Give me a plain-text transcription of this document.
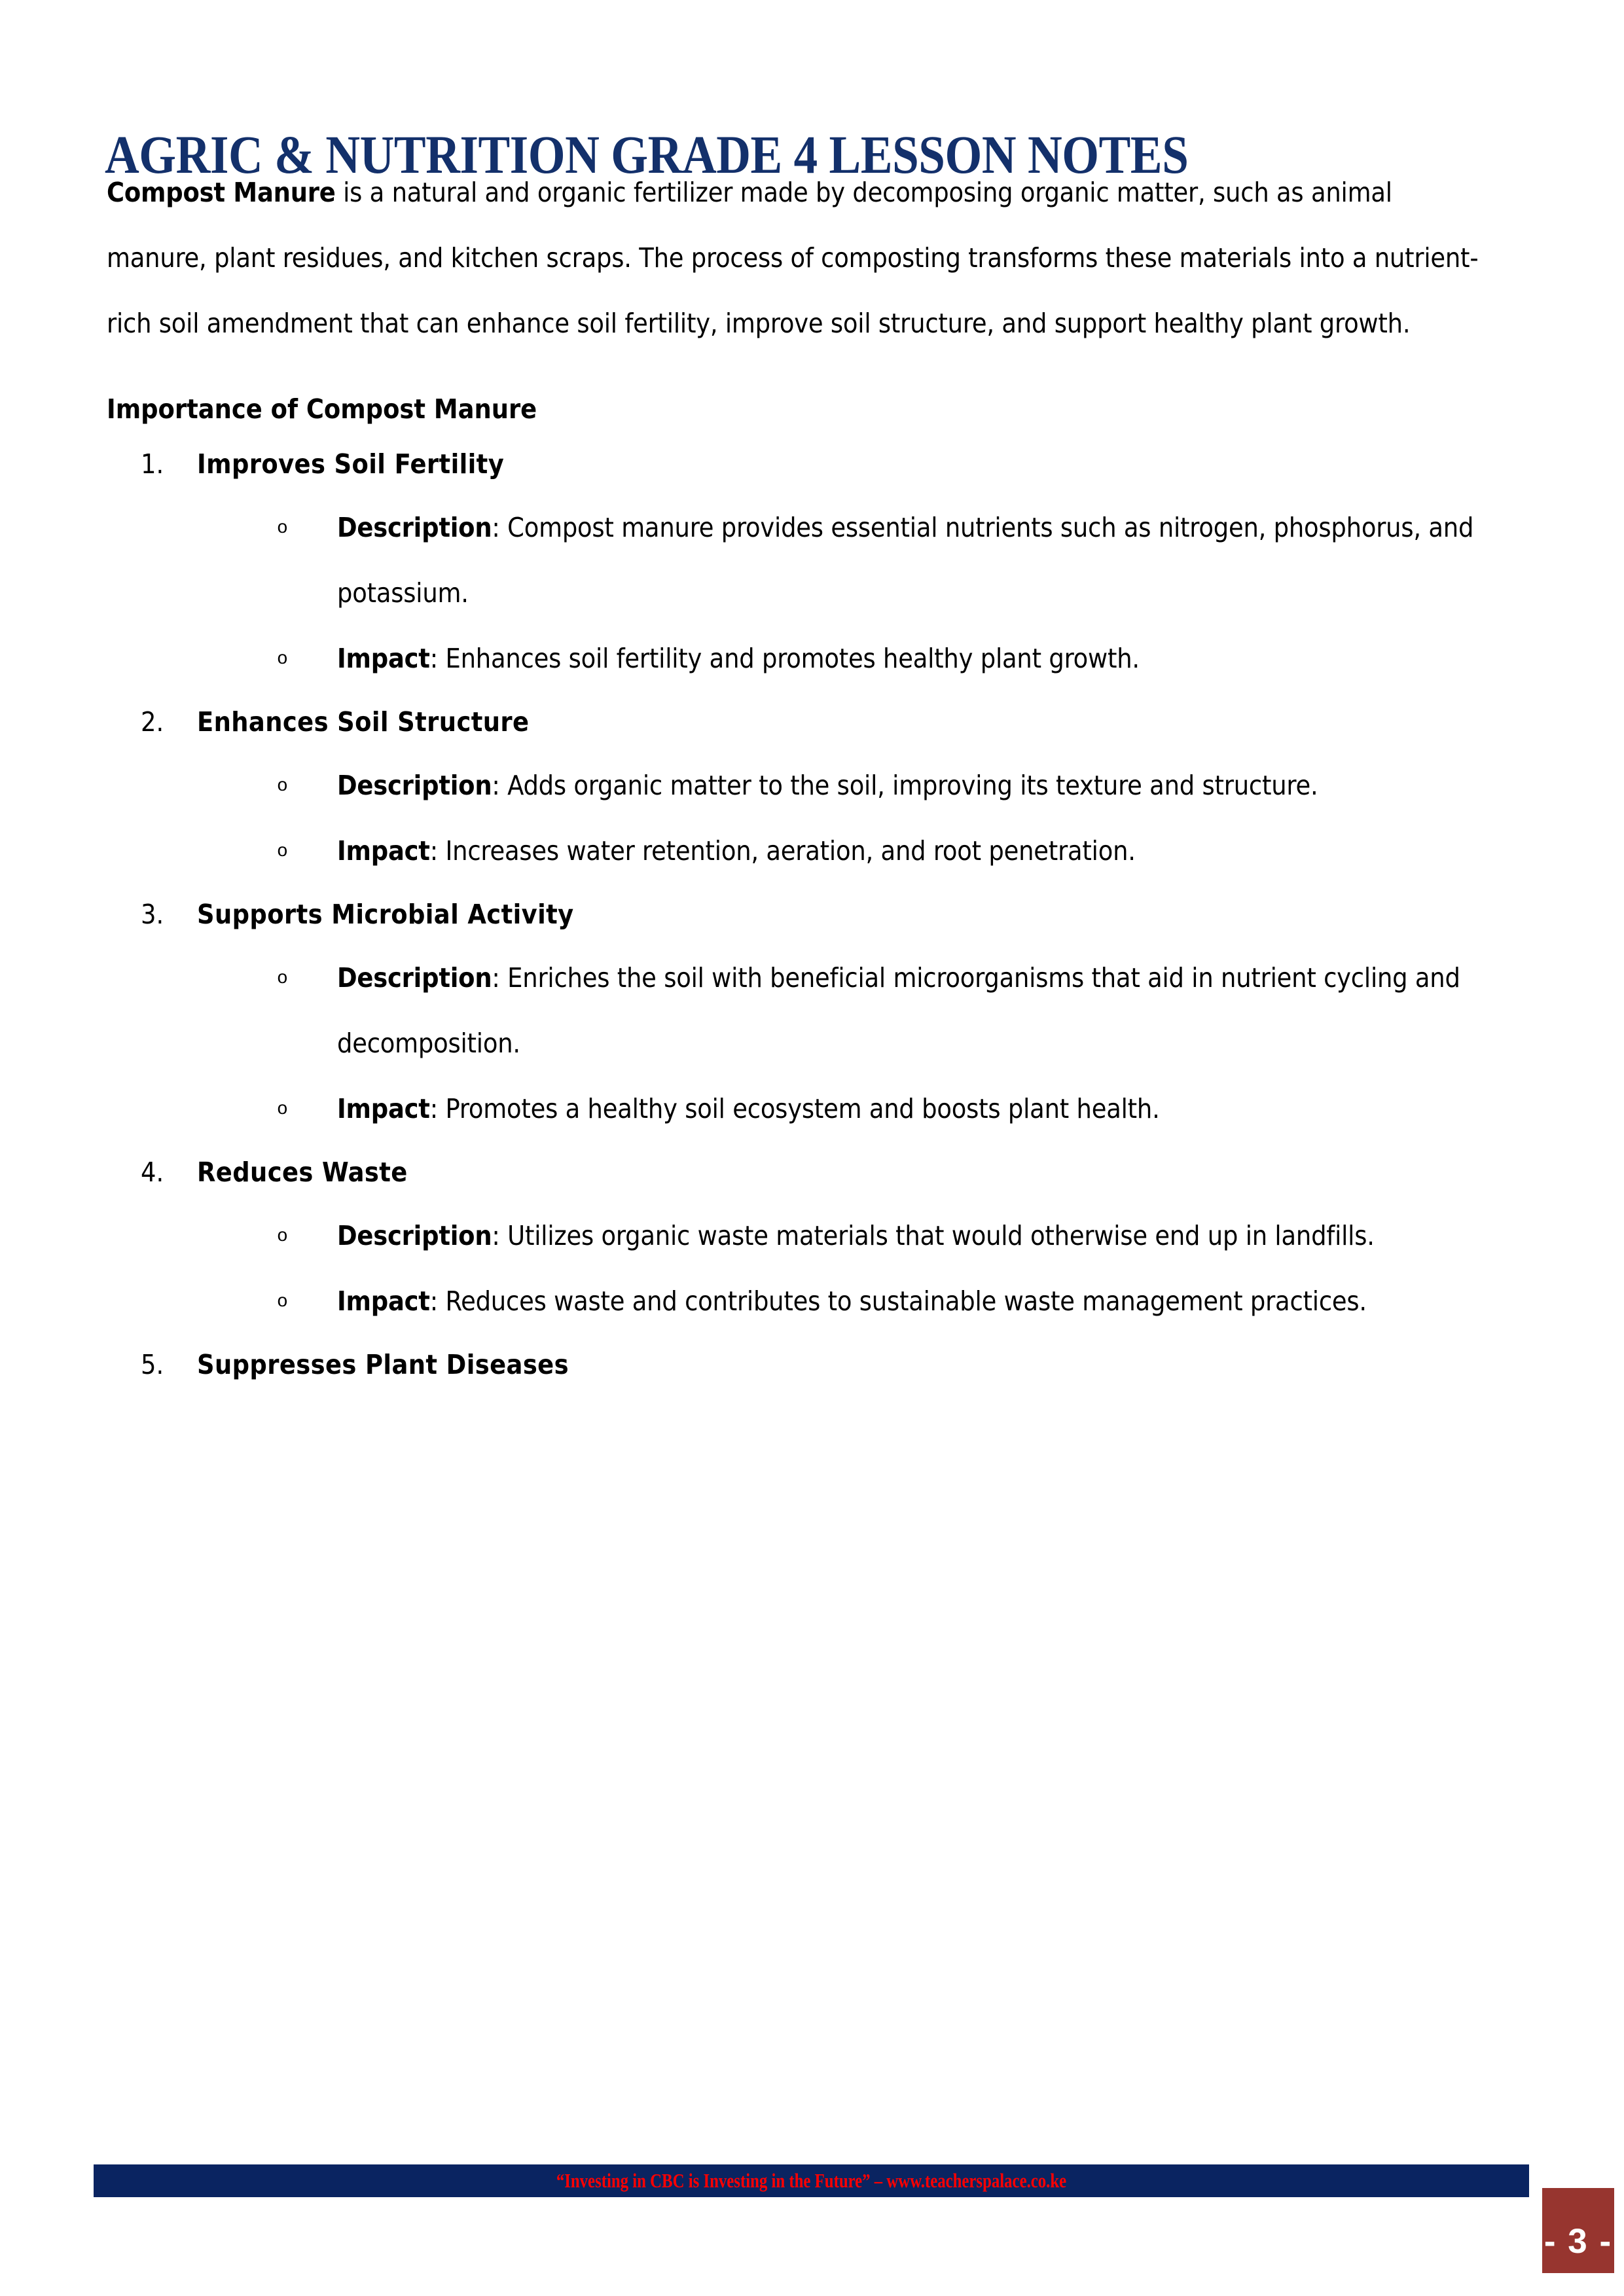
AGRIC & NUTRITION GRADE 4 LESSON NOTES

Compost Manure is a natural and organic fertilizer made by decomposing organic matter, such as animal manure, plant residues, and kitchen scraps. The process of composting transforms these materials into a nutrient-rich soil amendment that can enhance soil fertility, improve soil structure, and support healthy plant growth.

Importance of Compost Manure
1.	Improves Soil Fertility
o Description: Compost manure provides essential nutrients such as nitrogen, phosphorus, and potassium.
o Impact: Enhances soil fertility and promotes healthy plant growth.
2.	Enhances Soil Structure
o Description: Adds organic matter to the soil, improving its texture and structure.
o Impact: Increases water retention, aeration, and root penetration.
3.	Supports Microbial Activity
o Description: Enriches the soil with beneficial microorganisms that aid in nutrient cycling and decomposition.
o Impact: Promotes a healthy soil ecosystem and boosts plant health.
4.	Reduces Waste
o Description: Utilizes organic waste materials that would otherwise end up in landfills.
o Impact: Reduces waste and contributes to sustainable waste management practices.
5.	Suppresses Plant Diseases
“Investing in CBC is Investing in the Future” – www.teacherspalace.co.ke
- 3 -
